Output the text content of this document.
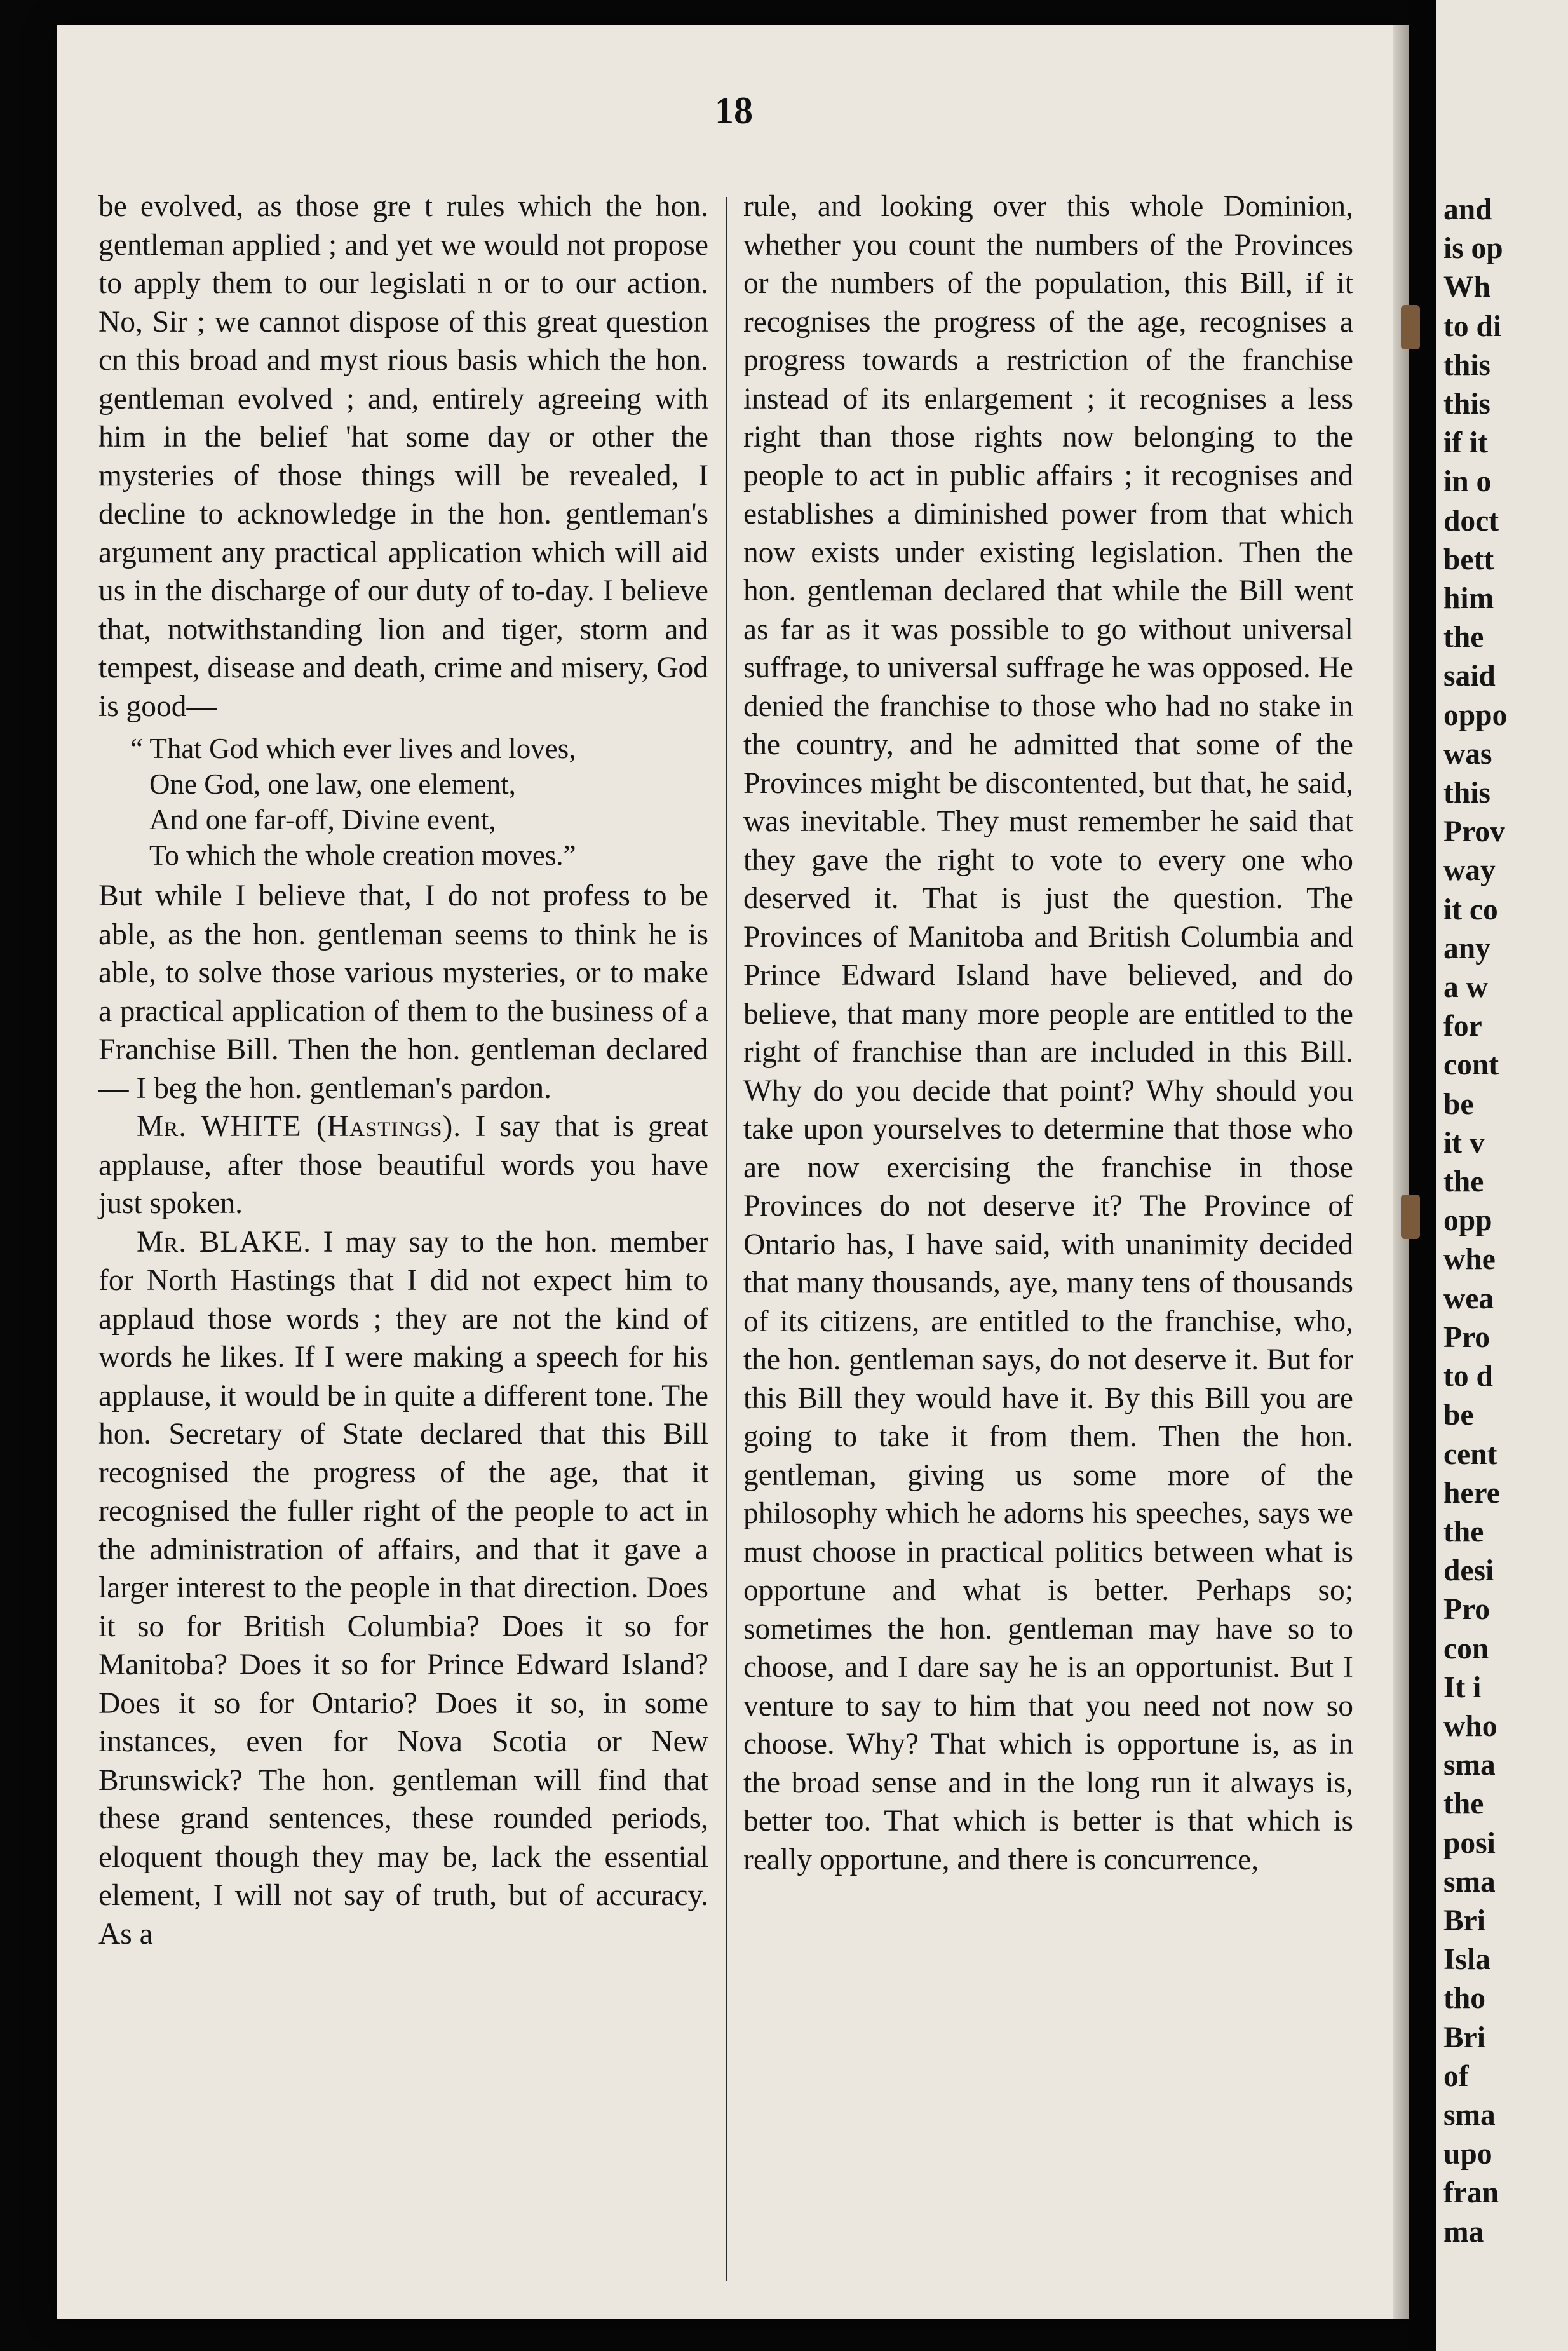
18

be evolved, as those gre t rules which the hon. gentleman applied ; and yet we would not propose to apply them to our legislati n or to our action. No, Sir ; we cannot dispose of this great question cn this broad and myst rious basis which the hon. gentleman evolved ; and, entirely agreeing with him in the belief 'hat some day or other the mysteries of those things will be revealed, I decline to acknowledge in the hon. gentleman's argument any practical application which will aid us in the discharge of our duty of to-day. I believe that, notwithstanding lion and tiger, storm and tempest, disease and death, crime and misery, God is good—

“ That God which ever lives and loves,
One God, one law, one element,
And one far-off, Divine event,
To which the whole creation moves.”

But while I believe that, I do not profess to be able, as the hon. gentleman seems to think he is able, to solve those various mysteries, or to make a practical application of them to the business of a Franchise Bill. Then the hon. gentleman declared— I beg the hon. gentleman's pardon.

Mr. WHITE (Hastings). I say that is great applause, after those beautiful words you have just spoken.

Mr. BLAKE. I may say to the hon. member for North Hastings that I did not expect him to applaud those words ; they are not the kind of words he likes. If I were making a speech for his applause, it would be in quite a different tone. The hon. Secretary of State declared that this Bill recognised the progress of the age, that it recognised the fuller right of the people to act in the administration of affairs, and that it gave a larger interest to the people in that direction. Does it so for British Columbia? Does it so for Manitoba? Does it so for Prince Edward Island? Does it so for Ontario? Does it so, in some instances, even for Nova Scotia or New Brunswick? The hon. gentleman will find that these grand sentences, these rounded periods, eloquent though they may be, lack the essential element, I will not say of truth, but of accuracy. As a

rule, and looking over this whole Dominion, whether you count the numbers of the Provinces or the numbers of the population, this Bill, if it recognises the progress of the age, recognises a progress towards a restriction of the franchise instead of its enlargement ; it recognises a less right than those rights now belonging to the people to act in public affairs ; it recognises and establishes a diminished power from that which now exists under existing legislation. Then the hon. gentleman declared that while the Bill went as far as it was possible to go without universal suffrage, to universal suffrage he was opposed. He denied the franchise to those who had no stake in the country, and he admitted that some of the Provinces might be discontented, but that, he said, was inevitable. They must remember he said that they gave the right to vote to every one who deserved it. That is just the question. The Provinces of Manitoba and British Columbia and Prince Edward Island have believed, and do believe, that many more people are entitled to the right of franchise than are included in this Bill. Why do you decide that point? Why should you take upon yourselves to determine that those who are now exercising the franchise in those Provinces do not deserve it? The Province of Ontario has, I have said, with unanimity decided that many thousands, aye, many tens of thousands of its citizens, are entitled to the franchise, who, the hon. gentleman says, do not deserve it. But for this Bill they would have it. By this Bill you are going to take it from them. Then the hon. gentleman, giving us some more of the philosophy which he adorns his speeches, says we must choose in practical politics between what is opportune and what is better. Perhaps so; sometimes the hon. gentleman may have so to choose, and I dare say he is an opportunist. But I venture to say to him that you need not now so choose. Why? That which is opportune is, as in the broad sense and in the long run it always is, better too. That which is better is that which is really opportune, and there is concurrence,

and
is op
Wh
to di
this
this
if it
in o
doct
bett
him
the
said
oppo
was
this
Prov
way
it co
any
a w
for
cont
be
it v
the
opp
whe
wea
Pro
to d
be
cent
here
the
desi
Pro
con
It i
who
sma
the
posi
sma
Bri
Isla
tho
Bri
of
sma
upo
fran
ma
